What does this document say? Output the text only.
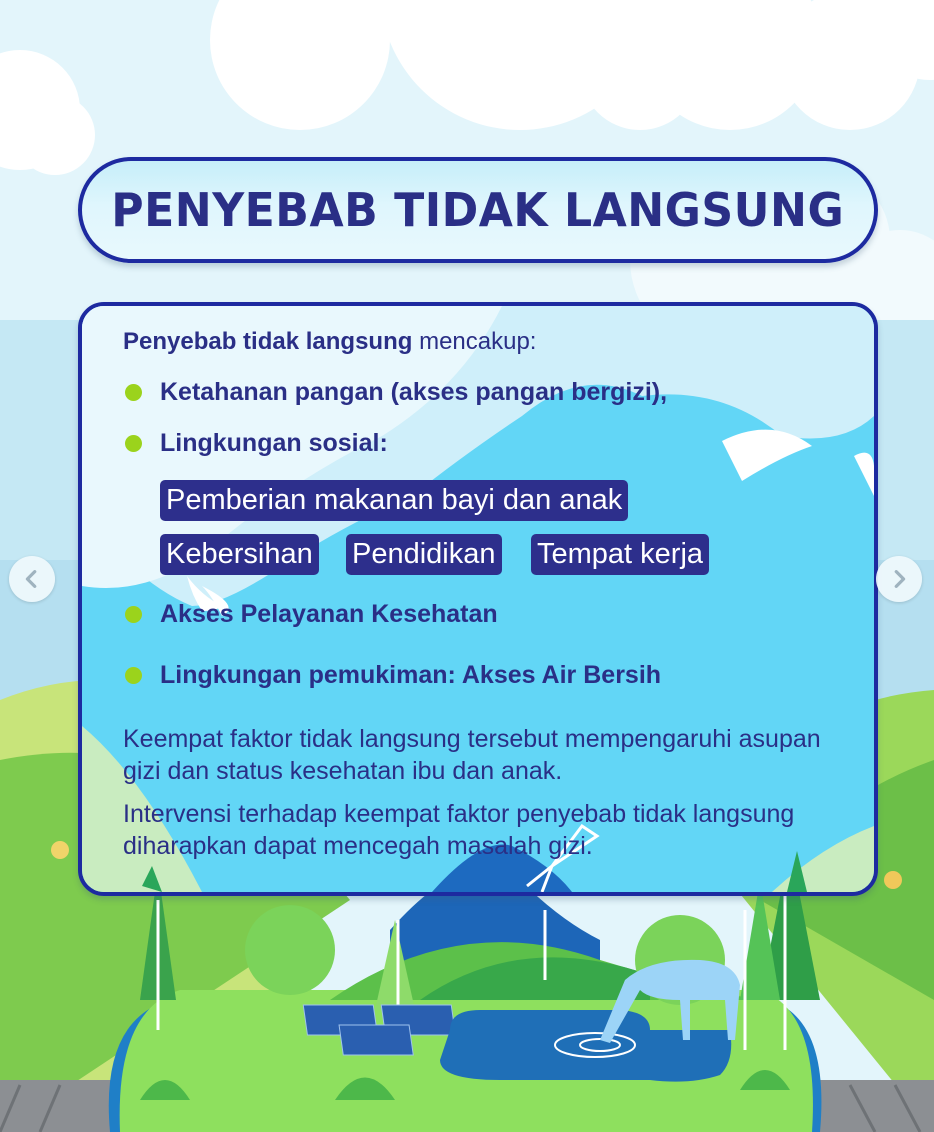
PENYEBAB TIDAK LANGSUNG
Penyebab tidak langsung mencakup:
Ketahanan pangan (akses pangan bergizi),
Lingkungan sosial:
Pemberian makanan bayi dan anak
Kebersihan Pendidikan Tempat kerja
Akses Pelayanan Kesehatan
Lingkungan pemukiman: Akses Air Bersih
Keempat faktor tidak langsung tersebut mempengaruhi asupan gizi dan status kesehatan ibu dan anak.
Intervensi terhadap keempat faktor penyebab tidak langsung diharapkan dapat mencegah masalah gizi.
